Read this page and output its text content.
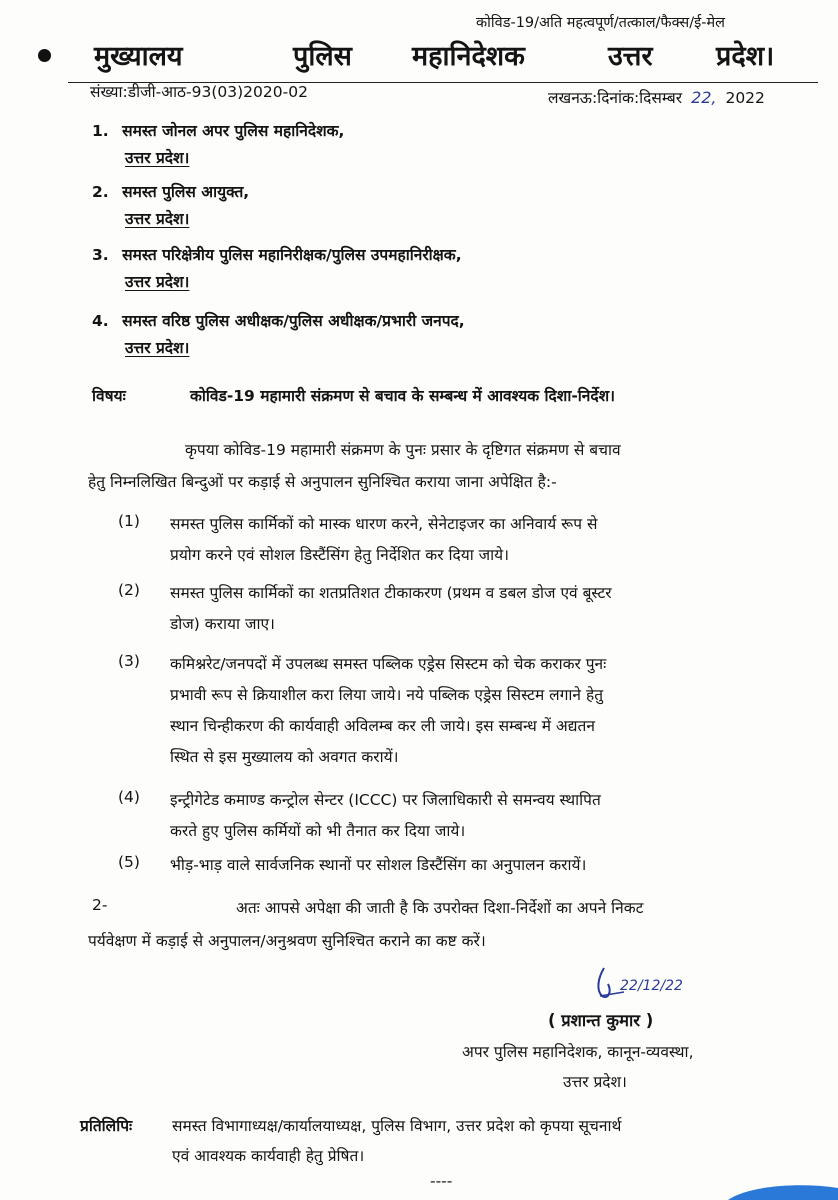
कोविड-19/अति महत्वपूर्ण/तत्काल/फैक्स/ई-मेल
मुख्यालय	पुलिस महानिदेशक	उत्तर प्रदेश।
संख्या:डीजी-आठ-93(03)2020-02	लखनऊ:दिनांक:दिसम्बर 22, 2022
1. समस्त जोनल अपर पुलिस महानिदेशक,
उत्तर प्रदेश।
2. समस्त पुलिस आयुक्त,
उत्तर प्रदेश।
3. समस्त परिक्षेत्रीय पुलिस महानिरीक्षक/पुलिस उपमहानिरीक्षक,
उत्तर प्रदेश।
4. समस्त वरिष्ठ पुलिस अधीक्षक/पुलिस अधीक्षक/प्रभारी जनपद,
उत्तर प्रदेश।
विषयः	कोविड-19 महामारी संक्रमण से बचाव के सम्बन्ध में आवश्यक दिशा-निर्देश।
कृपया कोविड-19 महामारी संक्रमण के पुनः प्रसार के दृष्टिगत संक्रमण से बचाव
हेतु निम्नलिखित बिन्दुओं पर कड़ाई से अनुपालन सुनिश्चित कराया जाना अपेक्षित है:-
(1) समस्त पुलिस कार्मिकों को मास्क धारण करने, सेनेटाइजर का अनिवार्य रूप से
प्रयोग करने एवं सोशल डिस्टैंसिंग हेतु निर्देशित कर दिया जाये।
(2) समस्त पुलिस कार्मिकों का शतप्रतिशत टीकाकरण (प्रथम व डबल डोज एवं बूस्टर
डोज) कराया जाए।
(3) कमिश्नरेट/जनपदों में उपलब्ध समस्त पब्लिक एड्रेस सिस्टम को चेक कराकर पुनः
प्रभावी रूप से क्रियाशील करा लिया जाये। नये पब्लिक एड्रेस सिस्टम लगाने हेतु
स्थान चिन्हीकरण की कार्यवाही अविलम्ब कर ली जाये। इस सम्बन्ध में अद्यतन
स्थित से इस मुख्यालय को अवगत करायें।
(4) इन्ट्रीगेटेड कमाण्ड कन्ट्रोल सेन्टर (ICCC) पर जिलाधिकारी से समन्वय स्थापित
करते हुए पुलिस कर्मियों को भी तैनात कर दिया जाये।
(5) भीड़-भाड़ वाले सार्वजनिक स्थानों पर सोशल डिस्टैंसिंग का अनुपालन करायें।
2-	अतः आपसे अपेक्षा की जाती है कि उपरोक्त दिशा-निर्देशों का अपने निकट
पर्यवेक्षण में कड़ाई से अनुपालन/अनुश्रवण सुनिश्चित कराने का कष्ट करें।
22/12/22
( प्रशान्त कुमार )
अपर पुलिस महानिदेशक, कानून-व्यवस्था,
उत्तर प्रदेश।
प्रतिलिपिः	समस्त विभागाध्यक्ष/कार्यालयाध्यक्ष, पुलिस विभाग, उत्तर प्रदेश को कृपया सूचनार्थ
एवं आवश्यक कार्यवाही हेतु प्रेषित।
----
